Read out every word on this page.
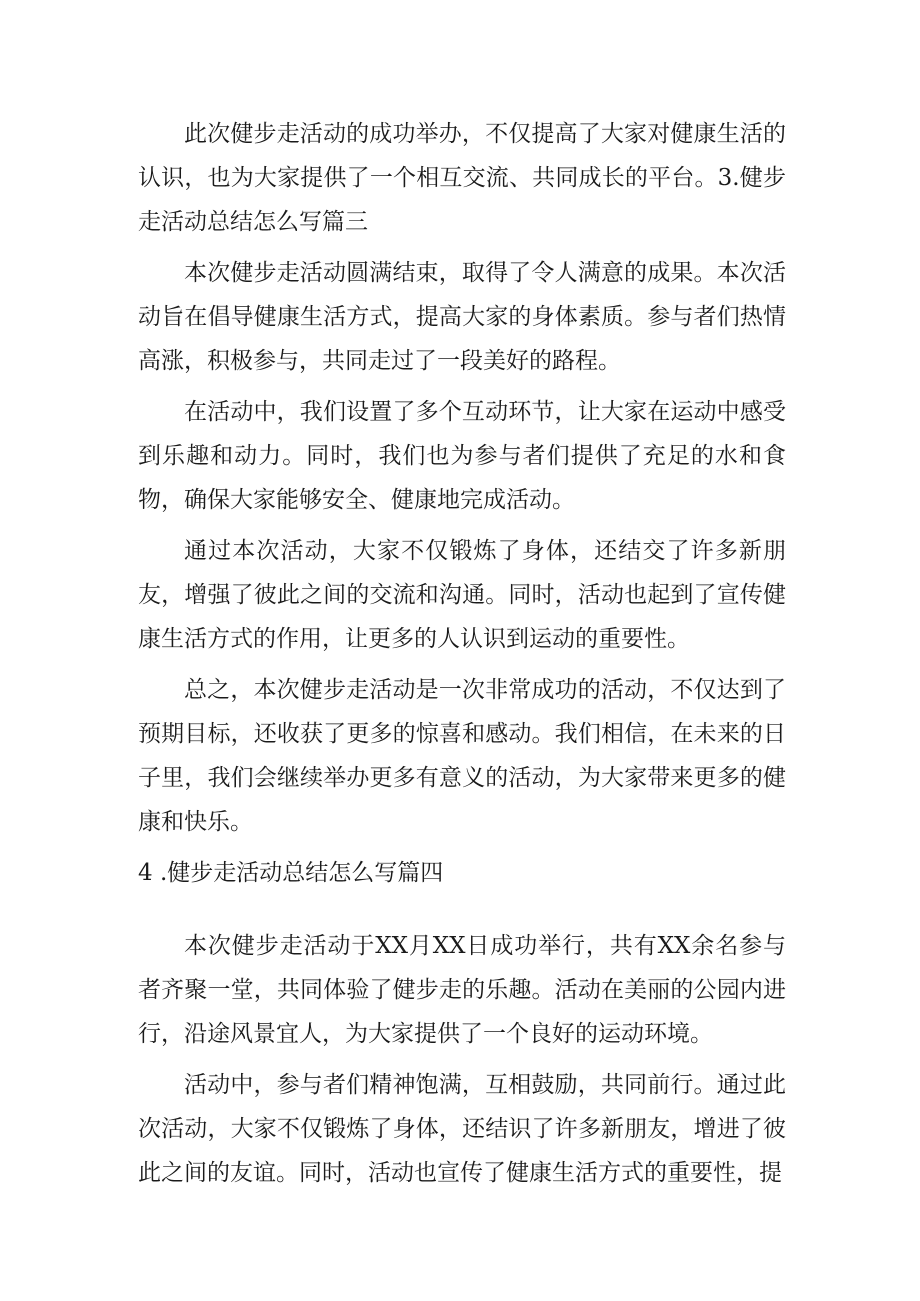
此次健步走活动的成功举办，不仅提高了大家对健康生活的认识，也为大家提供了一个相互交流、共同成长的平台。3.健步走活动总结怎么写篇三

本次健步走活动圆满结束，取得了令人满意的成果。本次活动旨在倡导健康生活方式，提高大家的身体素质。参与者们热情高涨，积极参与，共同走过了一段美好的路程。

在活动中，我们设置了多个互动环节，让大家在运动中感受到乐趣和动力。同时，我们也为参与者们提供了充足的水和食物，确保大家能够安全、健康地完成活动。

通过本次活动，大家不仅锻炼了身体，还结交了许多新朋友，增强了彼此之间的交流和沟通。同时，活动也起到了宣传健康生活方式的作用，让更多的人认识到运动的重要性。

总之，本次健步走活动是一次非常成功的活动，不仅达到了预期目标，还收获了更多的惊喜和感动。我们相信，在未来的日子里，我们会继续举办更多有意义的活动，为大家带来更多的健康和快乐。

4 .健步走活动总结怎么写篇四

本次健步走活动于XX月XX日成功举行，共有XX余名参与者齐聚一堂，共同体验了健步走的乐趣。活动在美丽的公园内进行，沿途风景宜人，为大家提供了一个良好的运动环境。

活动中，参与者们精神饱满，互相鼓励，共同前行。通过此次活动，大家不仅锻炼了身体，还结识了许多新朋友，增进了彼此之间的友谊。同时，活动也宣传了健康生活方式的重要性，提
